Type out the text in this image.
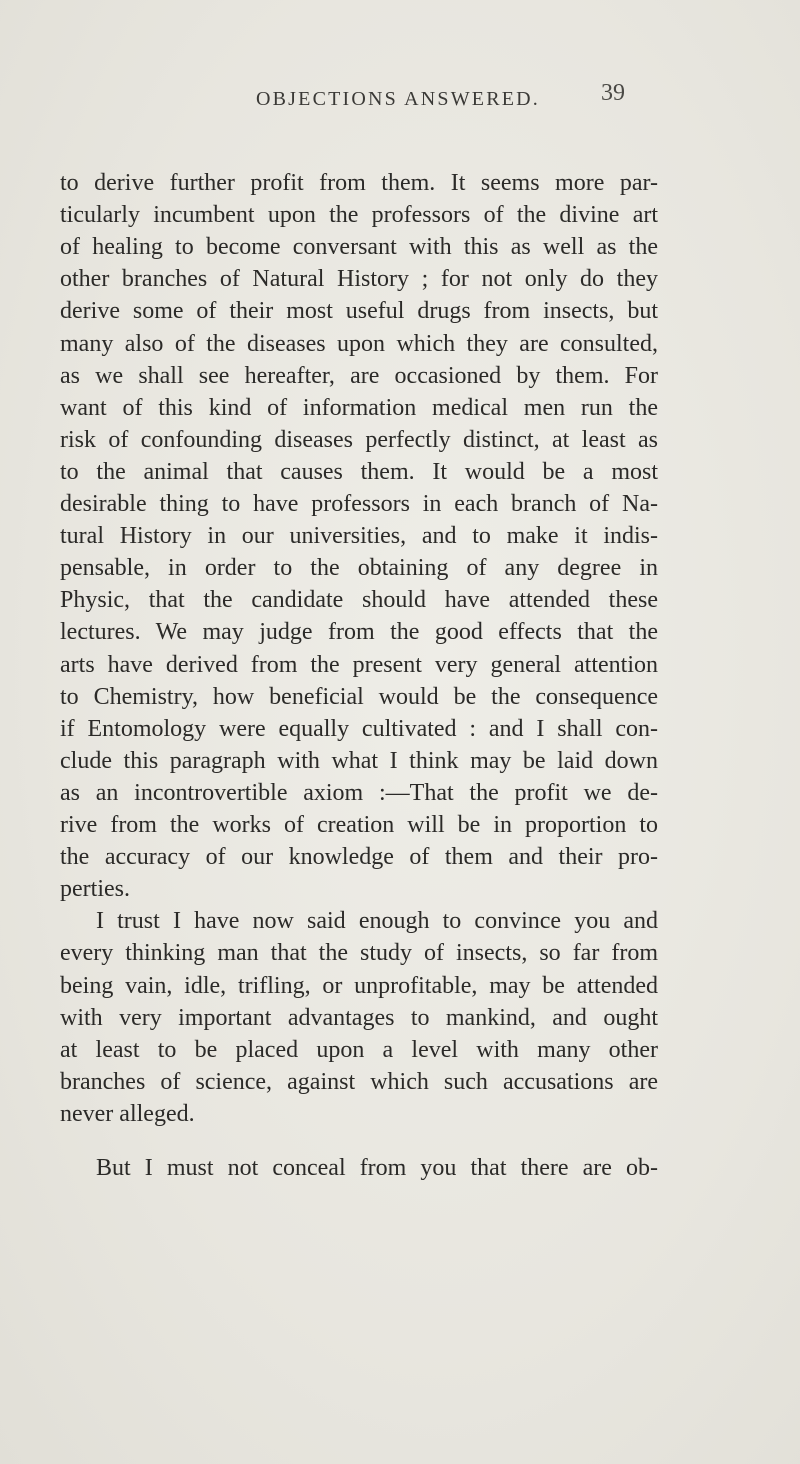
OBJECTIONS ANSWERED.	39
to derive further profit from them. It seems more par-
ticularly incumbent upon the professors of the divine art
of healing to become conversant with this as well as the
other branches of Natural History ; for not only do they
derive some of their most useful drugs from insects, but
many also of the diseases upon which they are consulted,
as we shall see hereafter, are occasioned by them. For
want of this kind of information medical men run the
risk of confounding diseases perfectly distinct, at least as
to the animal that causes them. It would be a most
desirable thing to have professors in each branch of Na-
tural History in our universities, and to make it indis-
pensable, in order to the obtaining of any degree in
Physic, that the candidate should have attended these
lectures. We may judge from the good effects that the
arts have derived from the present very general attention
to Chemistry, how beneficial would be the consequence
if Entomology were equally cultivated : and I shall con-
clude this paragraph with what I think may be laid down
as an incontrovertible axiom :—That the profit we de-
rive from the works of creation will be in proportion to
the accuracy of our knowledge of them and their pro-
perties.
I trust I have now said enough to convince you and
every thinking man that the study of insects, so far from
being vain, idle, trifling, or unprofitable, may be attended
with very important advantages to mankind, and ought
at least to be placed upon a level with many other
branches of science, against which such accusations are
never alleged.
But I must not conceal from you that there are ob-
